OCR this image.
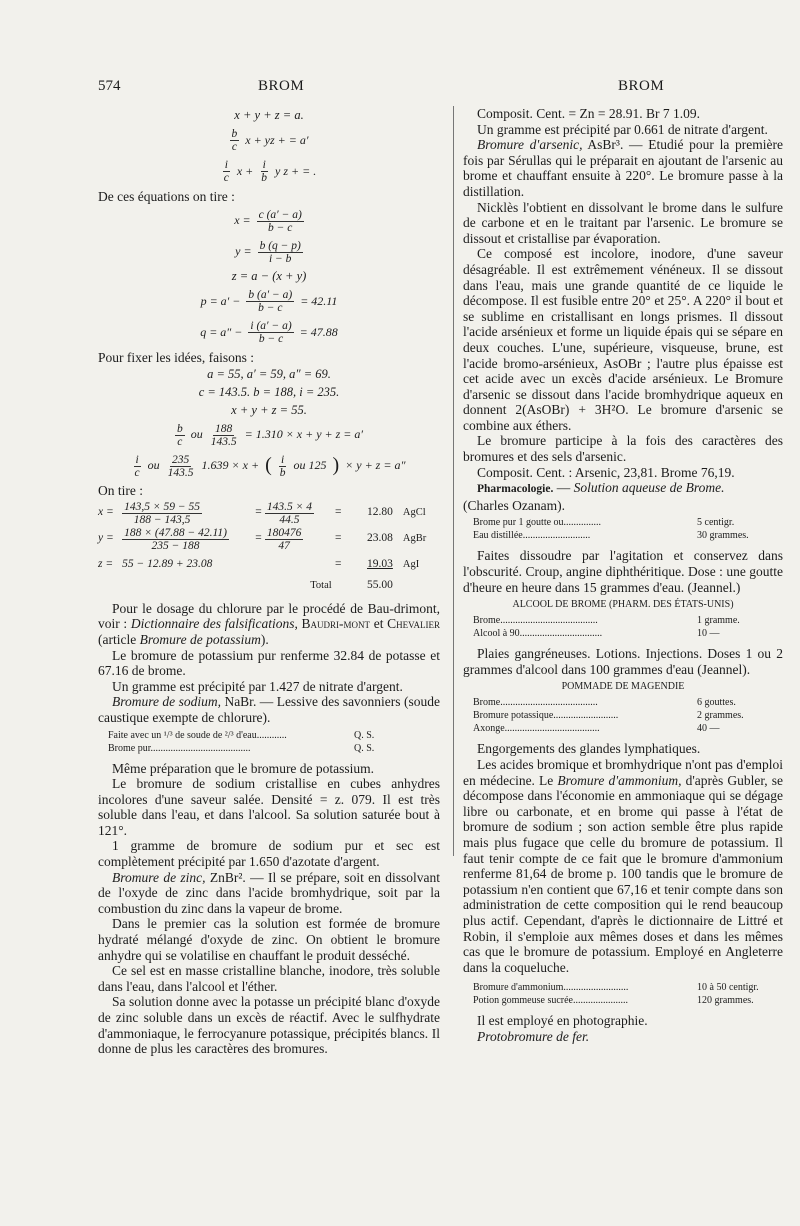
574	BROM	BROM
x + y + z = a.
$\frac{b}{c}$ x + yz + = a′
$\frac{i}{c}$ $x + \frac{i}{b}$ y z + = .

De ces équations on tire :

$x = \frac{c (a' - a)}{b - c}$
$y = \frac{b (q - p)}{i - b}$
z = a − (x + y)
$p = a' - \frac{b (a' - a)}{b - c} = 42.11$
$q = a'' - \frac{i (a' - a)}{b - c} = 47.88$

Pour fixer les idées, faisons :

a = 55, a′ = 59, a″ = 69.
c = 143.5. b = 188, i = 235.
x + y + z = 55.
$\frac{b}{c}$ ou $\frac{188}{143.5} = 1.310 \times x + y + z = a'$
$\frac{i}{c}$ ou $\frac{235}{143.5} 1.639 \times x$ + ( $\frac{i}{b}$ ou 125 ) × y + z = a″

On tire :

$x = \frac{143,5 \times 59 - 55}{188 - 143,5}$	= $\frac{143.5 \times 4}{44.5}$ =	12.80 AgCl
$y = \frac{188 \times (47.88 - 42.11)}{235 - 188} = \frac{180476}{47}$	=	23.08 AgBr
z = 55 − 12.89 + 23.08	=	19.03 AgI
Total	55.00

Pour le dosage du chlorure par le procédé de Bau-drimont, voir : Dictionnaire des falsifications, Baudri-mont et Chevalier (article Bromure de potassium).

Le bromure de potassium pur renferme 32.84 de potasse et 67.16 de brome.

Un gramme est précipité par 1.427 de nitrate d'argent.

Bromure de sodium, NaBr. — Lessive des savonniers (soude caustique exempte de chlorure).

Faite avec un ¹/³ de soude de ²/³ d'eau............	Q. S.
Brome pur........................................	Q. S.

Même préparation que le bromure de potassium.

Le bromure de sodium cristallise en cubes anhydres incolores d'une saveur salée. Densité = z. 079. Il est très soluble dans l'eau, et dans l'alcool. Sa solution saturée bout à 121°.

1 gramme de bromure de sodium pur et sec est complètement précipité par 1.650 d'azotate d'argent.

Bromure de zinc, ZnBr². — Il se prépare, soit en dissolvant de l'oxyde de zinc dans l'acide bromhydrique, soit par la combustion du zinc dans la vapeur de brome.

Dans le premier cas la solution est formée de bromure hydraté mélangé d'oxyde de zinc. On obtient le bromure anhydre qui se volatilise en chauffant le produit desséché.

Ce sel est en masse cristalline blanche, inodore, très soluble dans l'eau, dans l'alcool et l'éther.

Sa solution donne avec la potasse un précipité blanc d'oxyde de zinc soluble dans un excès de réactif. Avec le sulfhydrate d'ammoniaque, le ferrocyanure potassique, précipités blancs. Il donne de plus les caractères des bromures.

Composit. Cent. = Zn = 28.91. Br 7 1.09.

Un gramme est précipité par 0.661 de nitrate d'argent.

Bromure d'arsenic, AsBr³. — Etudié pour la première fois par Sérullas qui le préparait en ajoutant de l'arsenic au brome et chauffant ensuite à 220°. Le bromure passe à la distillation.

Nicklès l'obtient en dissolvant le brome dans le sulfure de carbone et en le traitant par l'arsenic. Le bromure se dissout et cristallise par évaporation.

Ce composé est incolore, inodore, d'une saveur désagréable. Il est extrêmement vénéneux. Il se dissout dans l'eau, mais une grande quantité de ce liquide le décompose. Il est fusible entre 20° et 25°. A 220° il bout et se sublime en cristallisant en longs prismes. Il dissout l'acide arsénieux et forme un liquide épais qui se sépare en deux couches. L'une, supérieure, visqueuse, brune, est l'acide bromo-arsénieux, AsOBr ; l'autre plus épaisse est cet acide avec un excès d'acide arsénieux. Le Bromure d'arsenic se dissout dans l'acide bromhydrique aqueux en donnent 2(AsOBr) + 3H²O. Le bromure d'arsenic se combine aux éthers.

Le bromure participe à la fois des caractères des bromures et des sels d'arsenic.

Composit. Cent. : Arsenic, 23,81. Brome 76,19.

Pharmacologie. — Solution aqueuse de Brome.

(Charles Ozanam).

Brome pur 1 goutte ou...............	5 centigr.
Eau distillée...........................	30 grammes.

Faites dissoudre par l'agitation et conservez dans l'obscurité. Croup, angine diphthéritique. Dose : une goutte d'heure en heure dans 15 grammes d'eau. (Jeannel.)

ALCOOL DE BROME (PHARM. DES ÉTATS-UNIS)
Brome.......................................	1 gramme.
Alcool à 90.................................	10 —

Plaies gangréneuses. Lotions. Injections. Doses 1 ou 2 grammes d'alcool dans 100 grammes d'eau (Jeannel).

POMMADE DE MAGENDIE
Brome.......................................	6 gouttes.
Bromure potassique..........................	2 grammes.
Axonge......................................	40 —

Engorgements des glandes lymphatiques.

Les acides bromique et bromhydrique n'ont pas d'emploi en médecine. Le Bromure d'ammonium, d'après Gubler, se décompose dans l'économie en ammoniaque qui se dégage libre ou carbonate, et en brome qui passe à l'état de bromure de sodium ; son action semble être plus rapide mais plus fugace que celle du bromure de potassium. Il faut tenir compte de ce fait que le bromure d'ammonium renferme 81,64 de brome p. 100 tandis que le bromure de potassium n'en contient que 67,16 et tenir compte dans son administration de cette composition qui le rend beaucoup plus actif. Cependant, d'après le dictionnaire de Littré et Robin, il s'emploie aux mêmes doses et dans les mêmes cas que le bromure de potassium. Employé en Angleterre dans la coqueluche.

Bromure d'ammonium..........................	10 à 50 centigr.
Potion gommeuse sucrée......................	120 grammes.

Il est employé en photographie.

Protobromure de fer.
